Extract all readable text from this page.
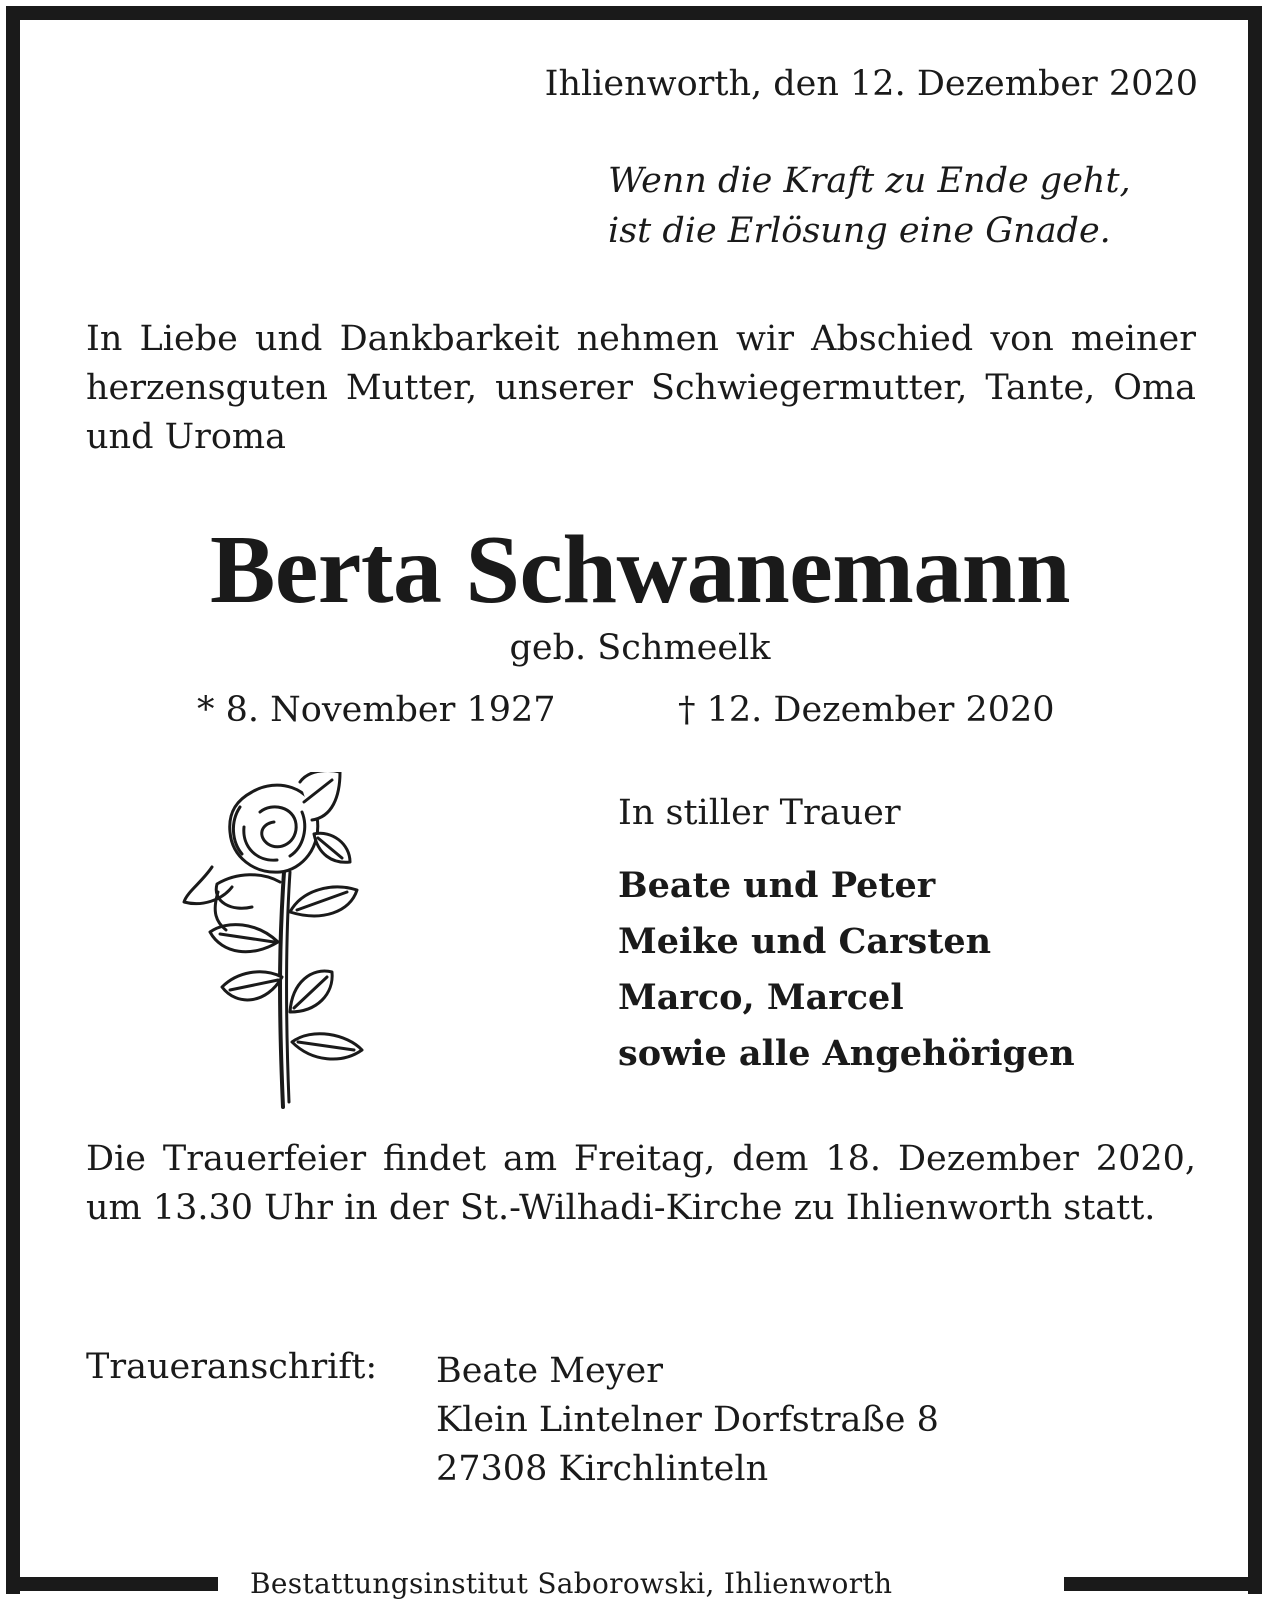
Ihlienworth, den 12. Dezember 2020
Wenn die Kraft zu Ende geht,
ist die Erlösung eine Gnade.
In Liebe und Dankbarkeit nehmen wir Abschied von meiner herzensguten Mutter, unserer Schwiegermutter, Tante, Oma und Uroma
Berta Schwanemann
geb. Schmeelk
* 8. November 1927	† 12. Dezember 2020
In stiller Trauer
Beate und Peter
Meike und Carsten
Marco, Marcel
sowie alle Angehörigen
Die Trauerfeier findet am Freitag, dem 18. Dezember 2020, um 13.30 Uhr in der St.-Wilhadi-Kirche zu Ihlienworth statt.
Traueranschrift: Beate Meyer
Klein Lintelner Dorfstraße 8
27308 Kirchlinteln
Bestattungsinstitut Saborowski, Ihlienworth
